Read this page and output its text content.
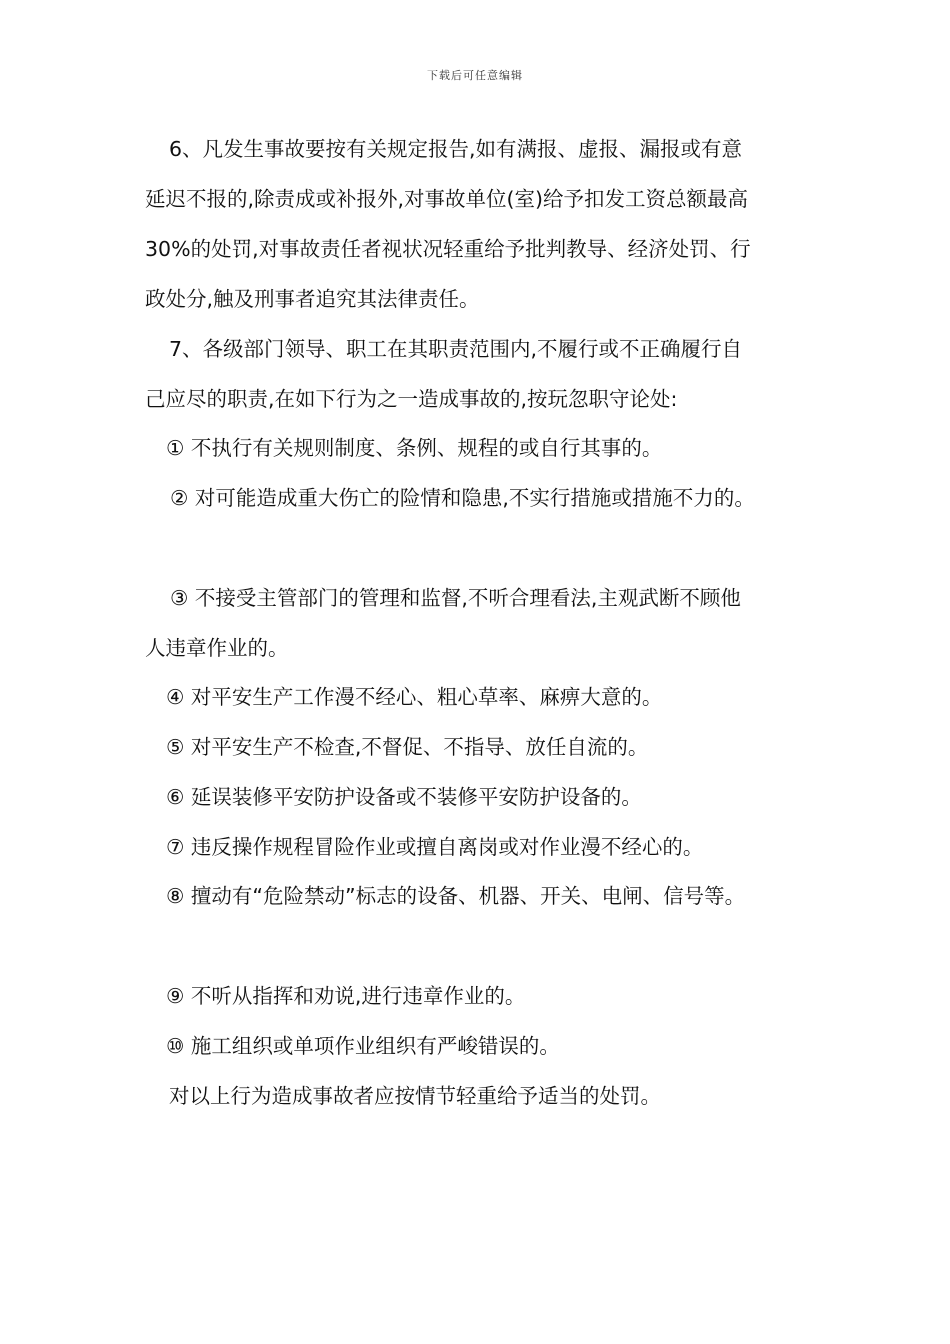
下载后可任意编辑
6、凡发生事故要按有关规定报告,如有满报、虚报、漏报或有意
延迟不报的,除责成或补报外,对事故单位(室)给予扣发工资总额最高
30%的处罚,对事故责任者视状况轻重给予批判教导、经济处罚、行
政处分,触及刑事者追究其法律责任。
7、各级部门领导、职工在其职责范围内,不履行或不正确履行自
己应尽的职责,在如下行为之一造成事故的,按玩忽职守论处:
① 不执行有关规则制度、条例、规程的或自行其事的。
② 对可能造成重大伤亡的险情和隐患,不实行措施或措施不力的。
③ 不接受主管部门的管理和监督,不听合理看法,主观武断不顾他
人违章作业的。
④ 对平安生产工作漫不经心、粗心草率、麻痹大意的。
⑤ 对平安生产不检查,不督促、不指导、放任自流的。
⑥ 延误装修平安防护设备或不装修平安防护设备的。
⑦ 违反操作规程冒险作业或擅自离岗或对作业漫不经心的。
⑧ 擅动有“危险禁动”标志的设备、机器、开关、电闸、信号等。
⑨ 不听从指挥和劝说,进行违章作业的。
⑩ 施工组织或单项作业组织有严峻错误的。
对以上行为造成事故者应按情节轻重给予适当的处罚。
